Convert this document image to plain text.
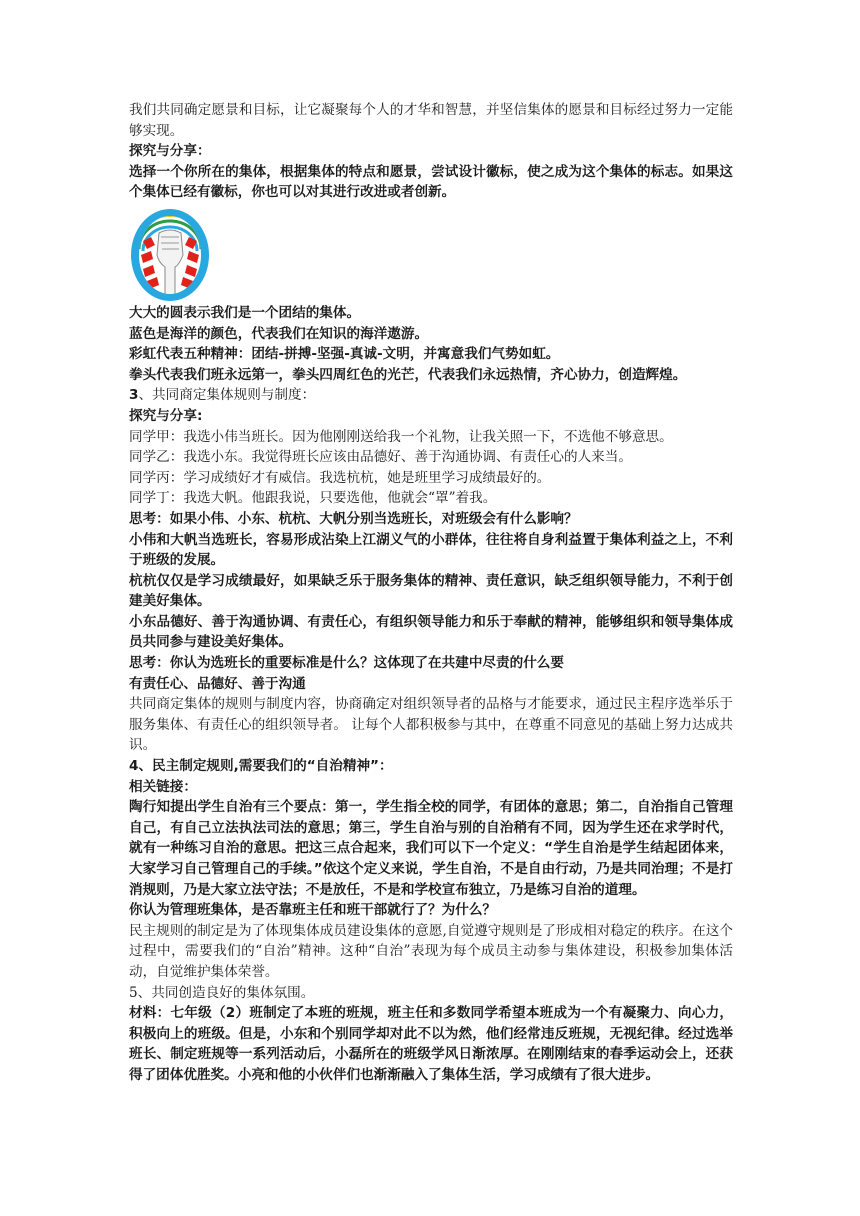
我们共同确定愿景和目标，让它凝聚每个人的才华和智慧，并坚信集体的愿景和目标经过努力一定能够实现。

探究与分享：

选择一个你所在的集体，根据集体的特点和愿景，尝试设计徽标，使之成为这个集体的标志。如果这个集体已经有徽标，你也可以对其进行改进或者创新。

大大的圆表示我们是一个团结的集体。

蓝色是海洋的颜色，代表我们在知识的海洋遨游。

彩虹代表五种精神：团结-拼搏-坚强-真诚-文明，并寓意我们气势如虹。

拳头代表我们班永远第一，拳头四周红色的光芒，代表我们永远热情，齐心协力，创造辉煌。

3、共同商定集体规则与制度：

探究与分享:

同学甲：我选小伟当班长。因为他刚刚送给我一个礼物，让我关照一下，不选他不够意思。

同学乙：我选小东。我觉得班长应该由品德好、善于沟通协调、有责任心的人来当。

同学丙：学习成绩好才有威信。我选杭杭，她是班里学习成绩最好的。

同学丁：我选大帆。他跟我说，只要选他，他就会“罩”着我。

思考：如果小伟、小东、杭杭、大帆分别当选班长，对班级会有什么影响？

小伟和大帆当选班长，容易形成沾染上江湖义气的小群体，往往将自身利益置于集体利益之上，不利于班级的发展。

杭杭仅仅是学习成绩最好，如果缺乏乐于服务集体的精神、责任意识，缺乏组织领导能力，不利于创建美好集体。

小东品德好、善于沟通协调、有责任心，有组织领导能力和乐于奉献的精神，能够组织和领导集体成员共同参与建设美好集体。

思考：你认为选班长的重要标准是什么？这体现了在共建中尽责的什么要

有责任心、品德好、善于沟通

共同商定集体的规则与制度内容，协商确定对组织领导者的品格与才能要求，通过民主程序选举乐于服务集体、有责任心的组织领导者。 让每个人都积极参与其中，在尊重不同意见的基础上努力达成共识。

4、民主制定规则,需要我们的“自治精神”：

相关链接：

陶行知提出学生自治有三个要点：第一，学生指全校的同学，有团体的意思；第二，自治指自己管理自己，有自己立法执法司法的意思；第三，学生自治与别的自治稍有不同，因为学生还在求学时代，就有一种练习自治的意思。把这三点合起来，我们可以下一个定义：“学生自治是学生结起团体来，大家学习自己管理自己的手续。”依这个定义来说，学生自治，不是自由行动，乃是共同治理；不是打消规则，乃是大家立法守法；不是放任，不是和学校宣布独立，乃是练习自治的道理。

你认为管理班集体，是否靠班主任和班干部就行了？为什么？

民主规则的制定是为了体现集体成员建设集体的意愿,自觉遵守规则是了形成相对稳定的秩序。在这个过程中，需要我们的“自治”精神。这种“自治”表现为每个成员主动参与集体建设，积极参加集体活动，自觉维护集体荣誉。

5、共同创造良好的集体氛围。

材料：七年级（2）班制定了本班的班规，班主任和多数同学希望本班成为一个有凝聚力、向心力，积极向上的班级。但是，小东和个别同学却对此不以为然，他们经常违反班规，无视纪律。经过选举班长、制定班规等一系列活动后，小磊所在的班级学风日渐浓厚。在刚刚结束的春季运动会上，还获得了团体优胜奖。小亮和他的小伙伴们也渐渐融入了集体生活，学习成绩有了很大进步。
